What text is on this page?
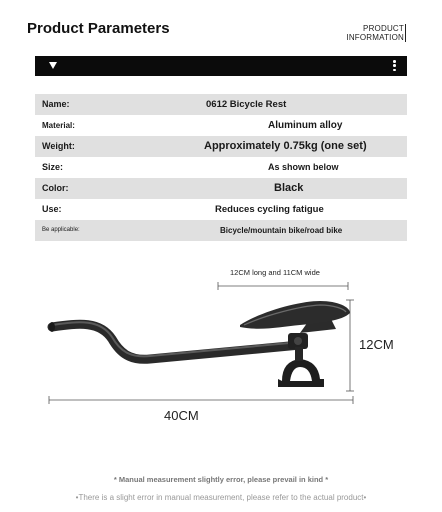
Product Parameters	PRODUCT
INFORMATION
Name:	0612 Bicycle Rest
Material:	Aluminum alloy
Weight:	Approximately 0.75kg (one set)
Size:	As shown below
Color:	Black
Use:	Reduces cycling fatigue
Be applicable:	Bicycle/mountain bike/road bike
12CM long and 11CM wide
12CM
40CM
* Manual measurement slightly error, please prevail in kind *
•There is a slight error in manual measurement, please refer to the actual product•
